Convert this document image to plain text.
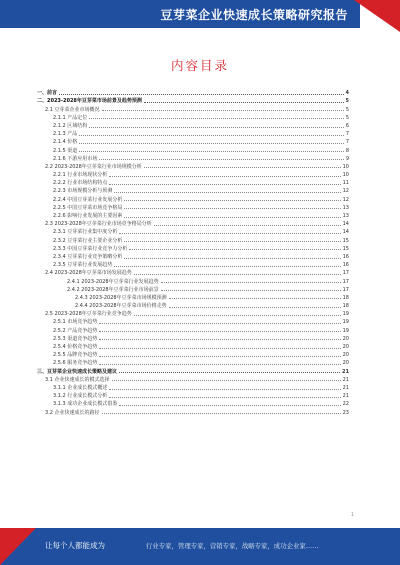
豆芽菜企业快速成长策略研究报告
内容目录
一、前言	4
二、2023-2028年豆芽菜市场前景及趋势预测	5
2.1 豆芽菜企业市场概况	5
2.1.1 产品定位	5
2.1.2 区域结构	6
2.1.3 产品	7
2.1.4 价格	7
2.1.5 渠道	8
2.1.6 下游应用市场	9
2.2 2023-2028年豆芽菜行业市场规模分析	10
2.2.1 行业市场现状分析	10
2.2.2 行业市场结构特点	11
2.2.3 市场规模分析与预测	12
2.2.4 中国豆芽菜行业发展分析	12
2.2.5 中国豆芽菜市场竞争格局	13
2.2.6 影响行业发展的主要因素	13
2.3 2023-2028年豆芽菜行业市场竞争格局分析	14
2.3.1 豆芽菜行业集中度分析	14
2.3.2 豆芽菜行业主要企业分析	15
2.3.3 中国豆芽菜行业竞争力分析	15
2.3.4 豆芽菜行业竞争策略分析	16
2.3.5 豆芽菜行业发展趋势	16
2.4 2023-2028年豆芽菜市场发展趋势	17
2.4.1 2023-2028年豆芽菜行业发展趋势	17
2.4.2 2023-2028年豆芽菜行业市场前景	17
2.4.3 2023-2028年豆芽菜市场规模预测	18
2.4.4 2023-2028年豆芽菜市场价格走势	18
2.5 2023-2028年豆芽菜行业竞争趋势	19
2.5.1 市场竞争趋势	19
2.5.2 产品竞争趋势	19
2.5.3 渠道竞争趋势	20
2.5.4 价格竞争趋势	20
2.5.5 品牌竞争趋势	20
2.5.6 服务竞争趋势	20
三、豆芽菜企业快速成长策略及建议	21
3.1 企业快速成长的模式选择	21
3.1.1 企业成长模式概述	21
3.1.2 行业成长模式分析	21
3.1.3 成功企业成长模式借鉴	22
3.2 企业快速成长的路径	23
1
让每个人都能成为	行业专家，管理专家，营销专家，战略专家，成功企业家……
